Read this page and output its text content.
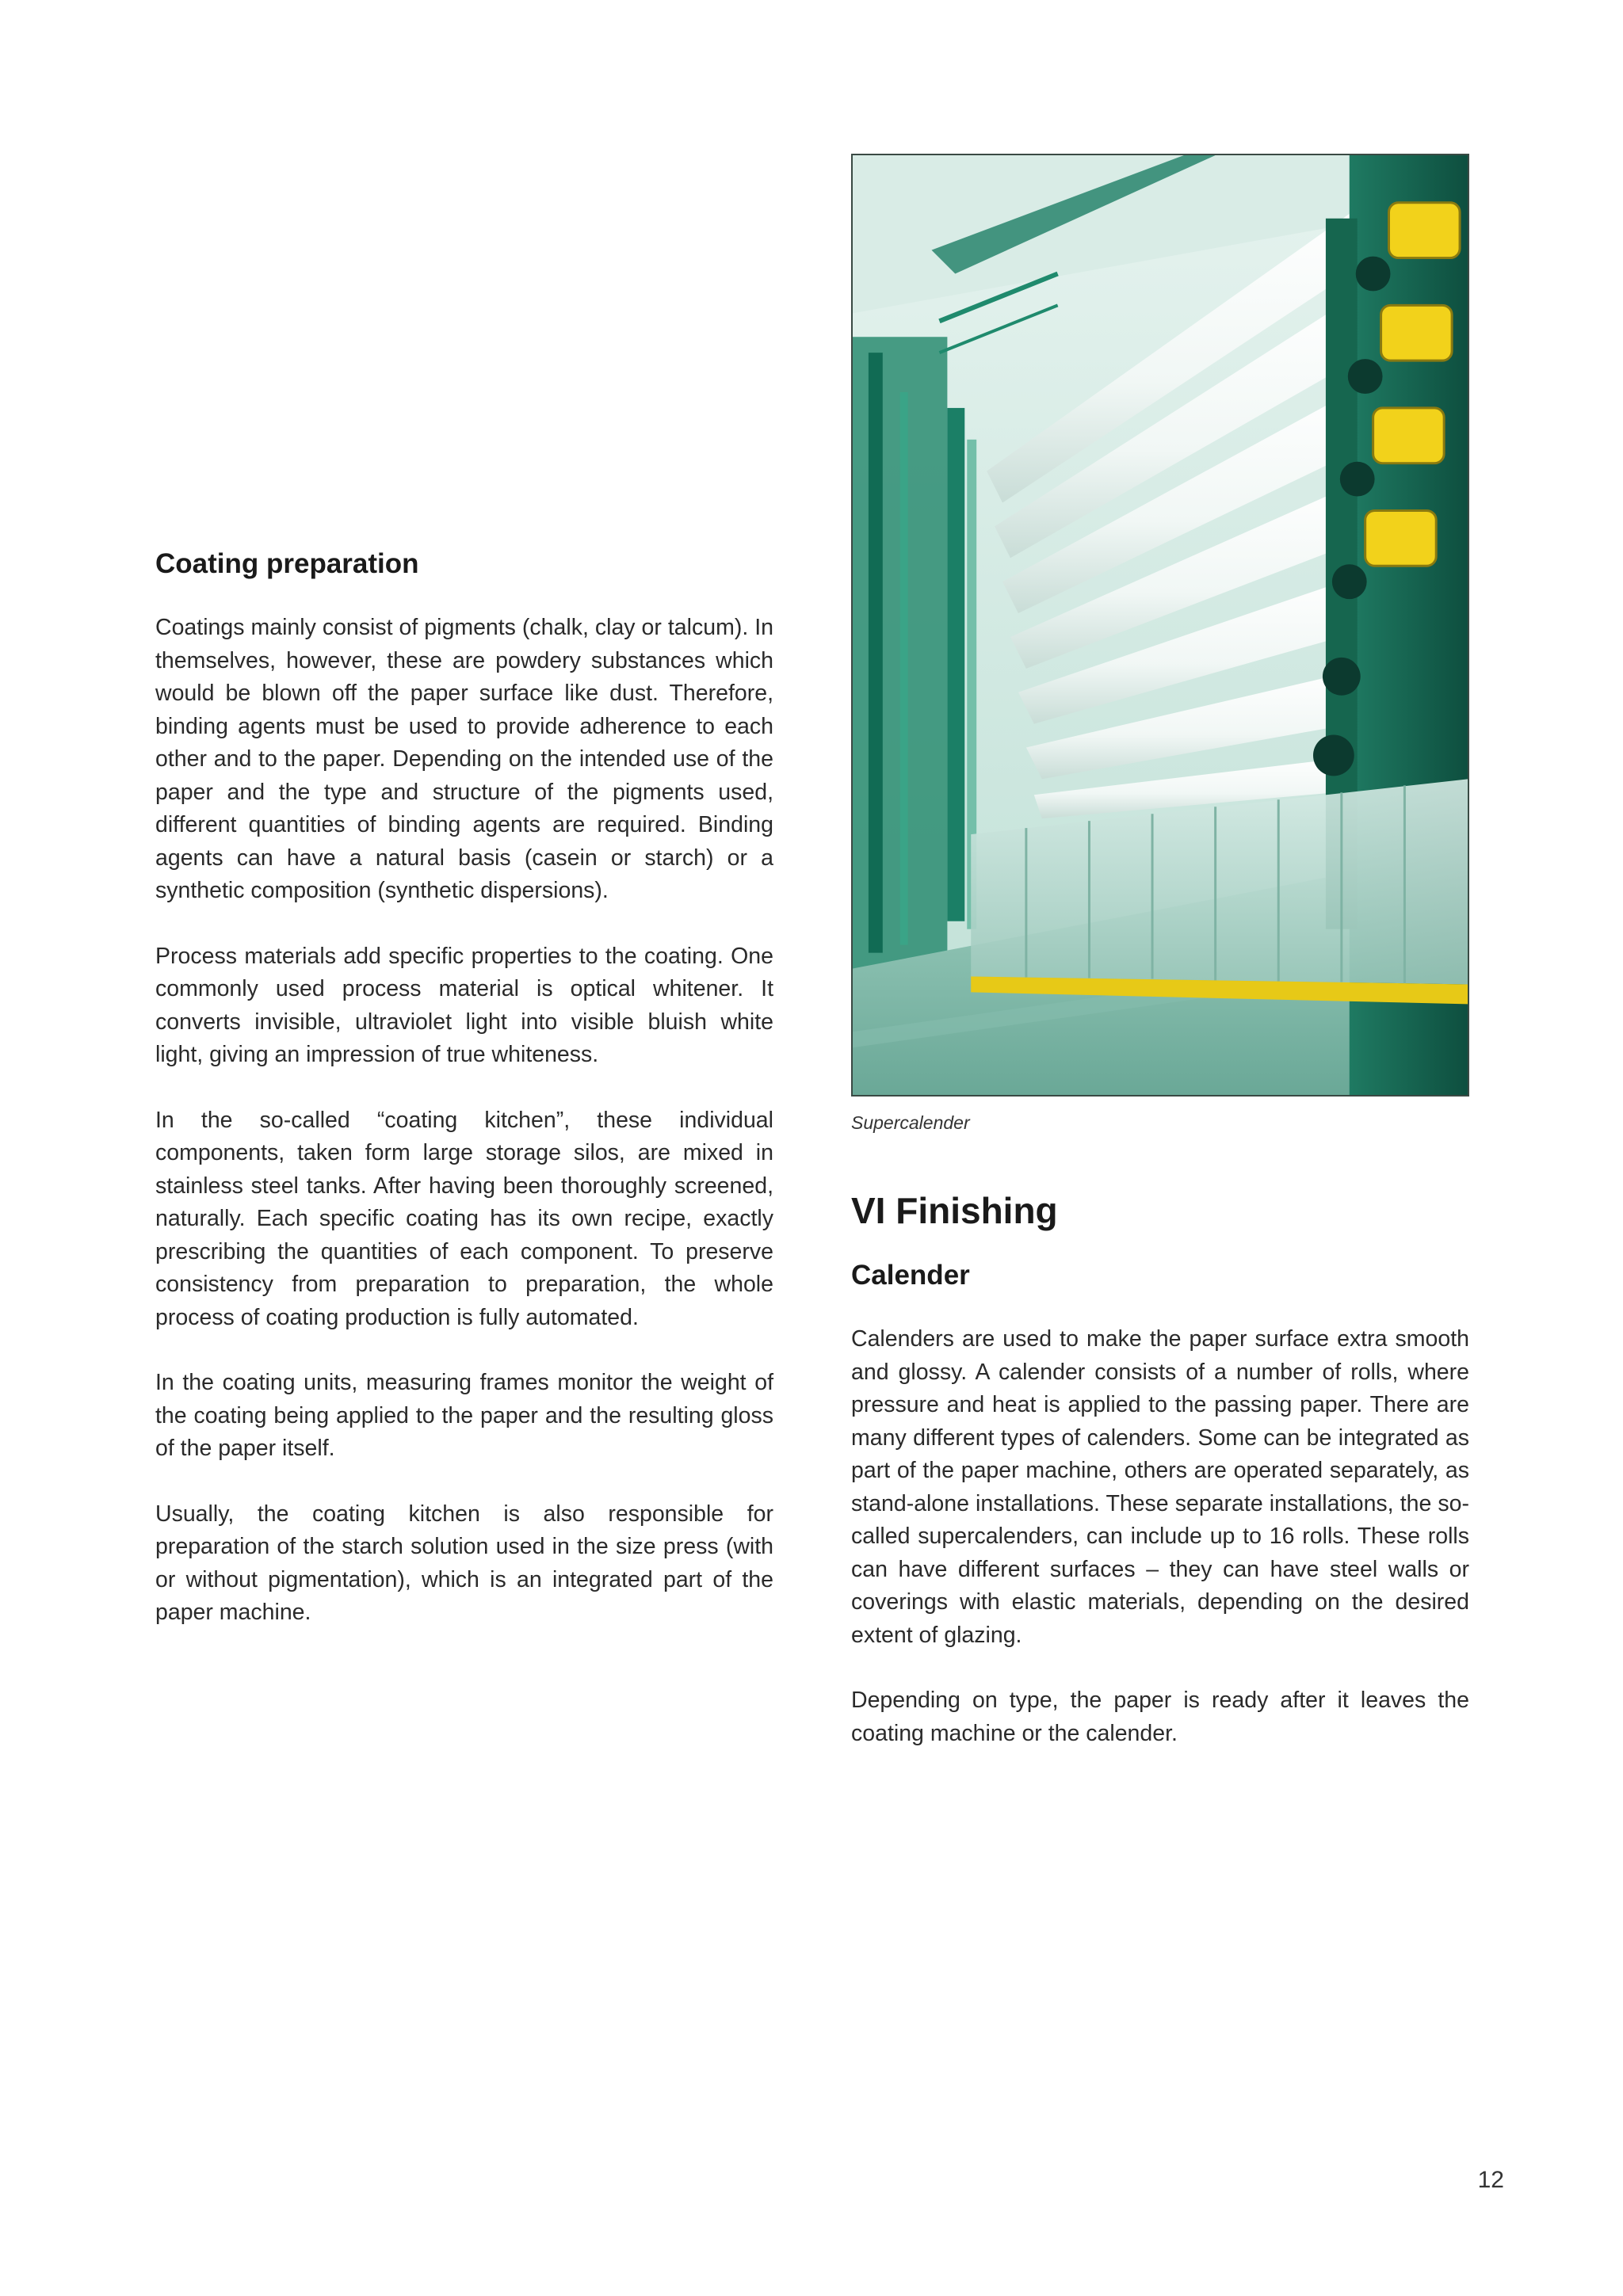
Coating preparation

Coatings mainly consist of pigments (chalk, clay or talcum). In themselves, however, these are powdery substances which would be blown off the paper surface like dust. Therefore, binding agents must be used to provide adherence to each other and to the paper. Depending on the intended use of the paper and the type and structure of the pigments used, different quantities of binding agents are required. Binding agents can have a natural basis (casein or starch) or a synthetic composition (synthetic dispersions).

Process materials add specific properties to the coating. One commonly used process material is optical whitener. It converts invisible, ultraviolet light into visible bluish white light, giving an impression of true whiteness.

In the so-called “coating kitchen”, these individual components, taken form large storage silos, are mixed in stainless steel tanks. After having been thoroughly screened, naturally. Each specific coating has its own recipe, exactly prescribing the quantities of each component. To preserve consistency from preparation to preparation, the whole process of coating production is fully automated.

In the coating units, measuring frames monitor the weight of the coating being applied to the paper and the resulting gloss of the paper itself.

Usually, the coating kitchen is also responsible for preparation of the starch solution used in the size press (with or without pigmentation), which is an integrated part of the paper machine.

Supercalender
VI Finishing
Calender

Calenders are used to make the paper surface extra smooth and glossy. A calender consists of a number of rolls, where pressure and heat is applied to the passing paper. There are many different types of calenders. Some can be integrated as part of the paper machine, others are operated separately, as stand-alone installations. These separate installations, the so-called supercalenders, can include up to 16 rolls. These rolls can have different surfaces – they can have steel walls or coverings with elastic materials, depending on the desired extent of glazing.

Depending on type, the paper is ready after it leaves the coating machine or the calender.

12
